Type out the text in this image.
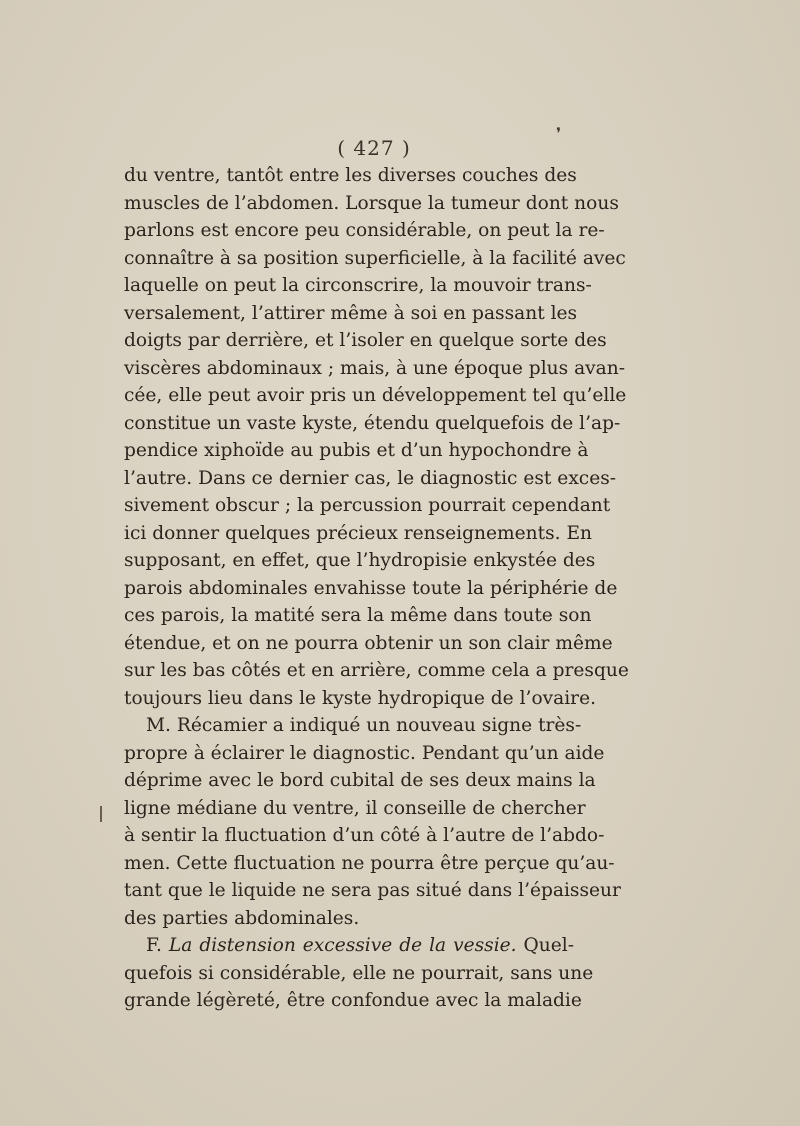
( 427 )
❜
du ventre, tantôt entre les diverses couches des
muscles de l’abdomen. Lorsque la tumeur dont nous
parlons est encore peu considérable, on peut la re-
connaître à sa position superficielle, à la facilité avec
laquelle on peut la circonscrire, la mouvoir trans-
versalement, l’attirer même à soi en passant les
doigts par derrière, et l’isoler en quelque sorte des
viscères abdominaux ; mais, à une époque plus avan-
cée, elle peut avoir pris un développement tel qu’elle
constitue un vaste kyste, étendu quelquefois de l’ap-
pendice xiphoïde au pubis et d’un hypochondre à
l’autre. Dans ce dernier cas, le diagnostic est exces-
sivement obscur ; la percussion pourrait cependant
ici donner quelques précieux renseignements. En
supposant, en effet, que l’hydropisie enkystée des
parois abdominales envahisse toute la périphérie de
ces parois, la matité sera la même dans toute son
étendue, et on ne pourra obtenir un son clair même
sur les bas côtés et en arrière, comme cela a presque
toujours lieu dans le kyste hydropique de l’ovaire.
M. Récamier a indiqué un nouveau signe très-
propre à éclairer le diagnostic. Pendant qu’un aide
déprime avec le bord cubital de ses deux mains la
ligne médiane du ventre, il conseille de chercher
à sentir la fluctuation d’un côté à l’autre de l’abdo-
men. Cette fluctuation ne pourra être perçue qu’au-
tant que le liquide ne sera pas situé dans l’épaisseur
des parties abdominales.
F. La distension excessive de la vessie. Quel-
quefois si considérable, elle ne pourrait, sans une
grande légèreté, être confondue avec la maladie
